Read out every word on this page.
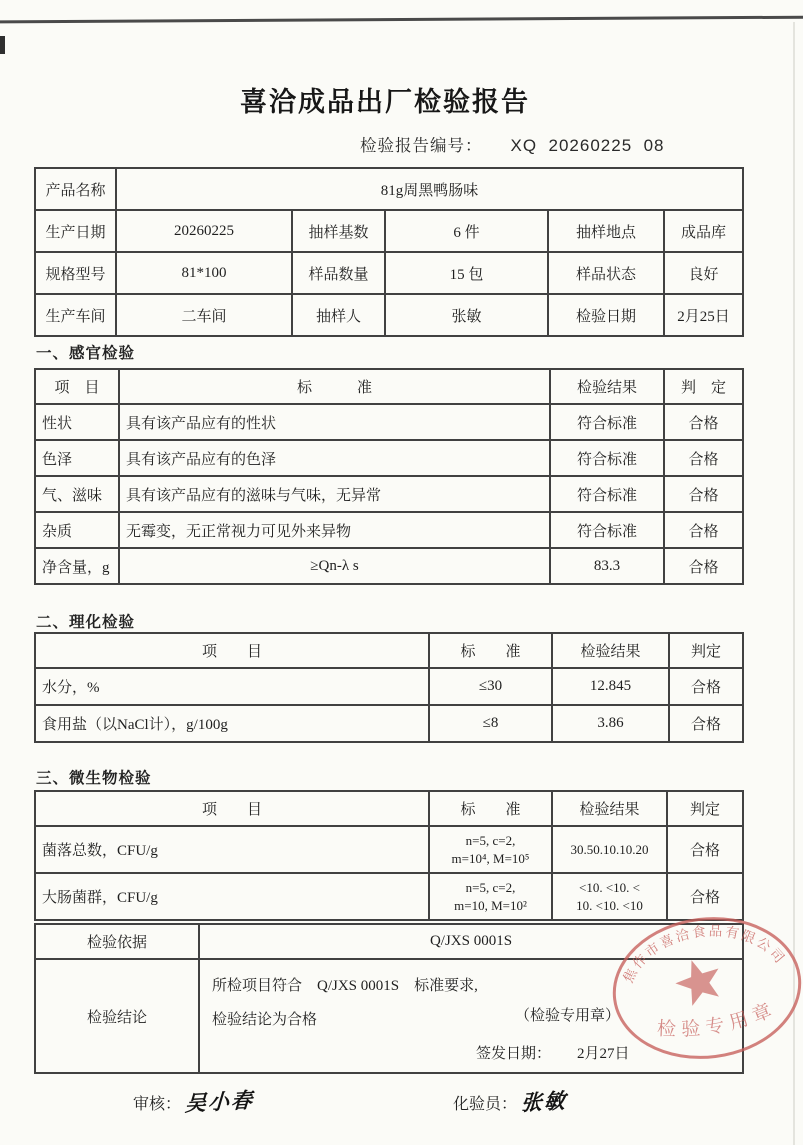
喜洽成品出厂检验报告
检验报告编号： XQ  20260225  08
产品名称	81g周黑鸭肠味				
生产日期	20260225	抽样基数	6 件	抽样地点	成品库
规格型号	81*100	样品数量	15 包	样品状态	良好
生产车间	二车间	抽样人	张敏	检验日期	2月25日
一、感官检验
项　目	标　　　准	检验结果	判　定
性状	具有该产品应有的性状	符合标准	合格
色泽	具有该产品应有的色泽	符合标准	合格
气、滋味	具有该产品应有的滋味与气味，无异常	符合标准	合格
杂质	无霉变，无正常视力可见外来异物	符合标准	合格
净含量，g	≥Qn-λ s	83.3	合格
二、理化检验
项　　目	标　　准	检验结果	判定
水分，%	≤30	12.845	合格
食用盐（以NaCl计），g/100g	≤8	3.86	合格
三、微生物检验
项　　目	标　　准	检验结果	判定
菌落总数，CFU/g	n=5, c=2,
m=10⁴, M=10⁵	30.50.10.10.20	合格
大肠菌群，CFU/g	n=5, c=2,
m=10, M=10²	<10. <10. <
10. <10. <10	合格
检验依据	Q/JXS 0001S
检验结论	所检项目符合    Q/JXS 0001S    标准要求,
检验结论为合格 （检验专用章）
签发日期： 2月27日
审核： 吴小春	化验员： 张敏
焦作市喜洽食品有限公司
检验专用章
